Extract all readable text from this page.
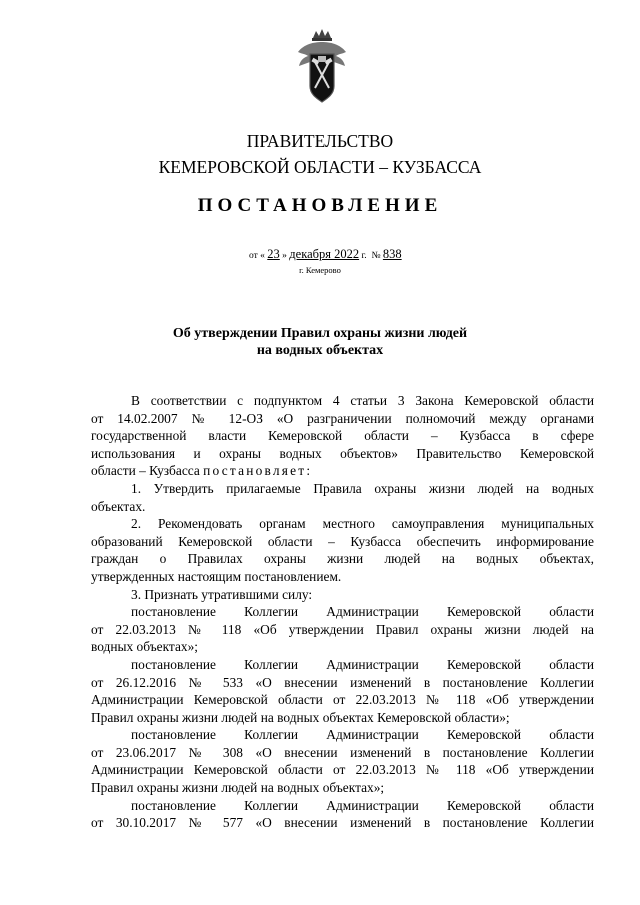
ПРАВИТЕЛЬСТВО
КЕМЕРОВСКОЙ ОБЛАСТИ – КУЗБАССА
ПОСТАНОВЛЕНИЕ
от « 23 » декабря 2022 г. № 838
г. Кемерово
Об утверждении Правил охраны жизни людей
на водных объектах
В соответствии с подпунктом 4 статьи 3 Закона Кемеровской области
от 14.02.2007 № 12-ОЗ «О разграничении полномочий между органами
государственной власти Кемеровской области – Кузбасса в сфере
использования и охраны водных объектов» Правительство Кемеровской
области – Кузбасса постановляет:
1. Утвердить прилагаемые Правила охраны жизни людей на водных
объектах.
2. Рекомендовать органам местного самоуправления муниципальных
образований Кемеровской области – Кузбасса обеспечить информирование
граждан о Правилах охраны жизни людей на водных объектах,
утвержденных настоящим постановлением.
3. Признать утратившими силу:
постановление Коллегии Администрации Кемеровской области
от 22.03.2013 № 118 «Об утверждении Правил охраны жизни людей на
водных объектах»;
постановление Коллегии Администрации Кемеровской области
от 26.12.2016 № 533 «О внесении изменений в постановление Коллегии
Администрации Кемеровской области от 22.03.2013 № 118 «Об утверждении
Правил охраны жизни людей на водных объектах Кемеровской области»;
постановление Коллегии Администрации Кемеровской области
от 23.06.2017 № 308 «О внесении изменений в постановление Коллегии
Администрации Кемеровской области от 22.03.2013 № 118 «Об утверждении
Правил охраны жизни людей на водных объектах»;
постановление Коллегии Администрации Кемеровской области
от 30.10.2017 № 577 «О внесении изменений в постановление Коллегии
